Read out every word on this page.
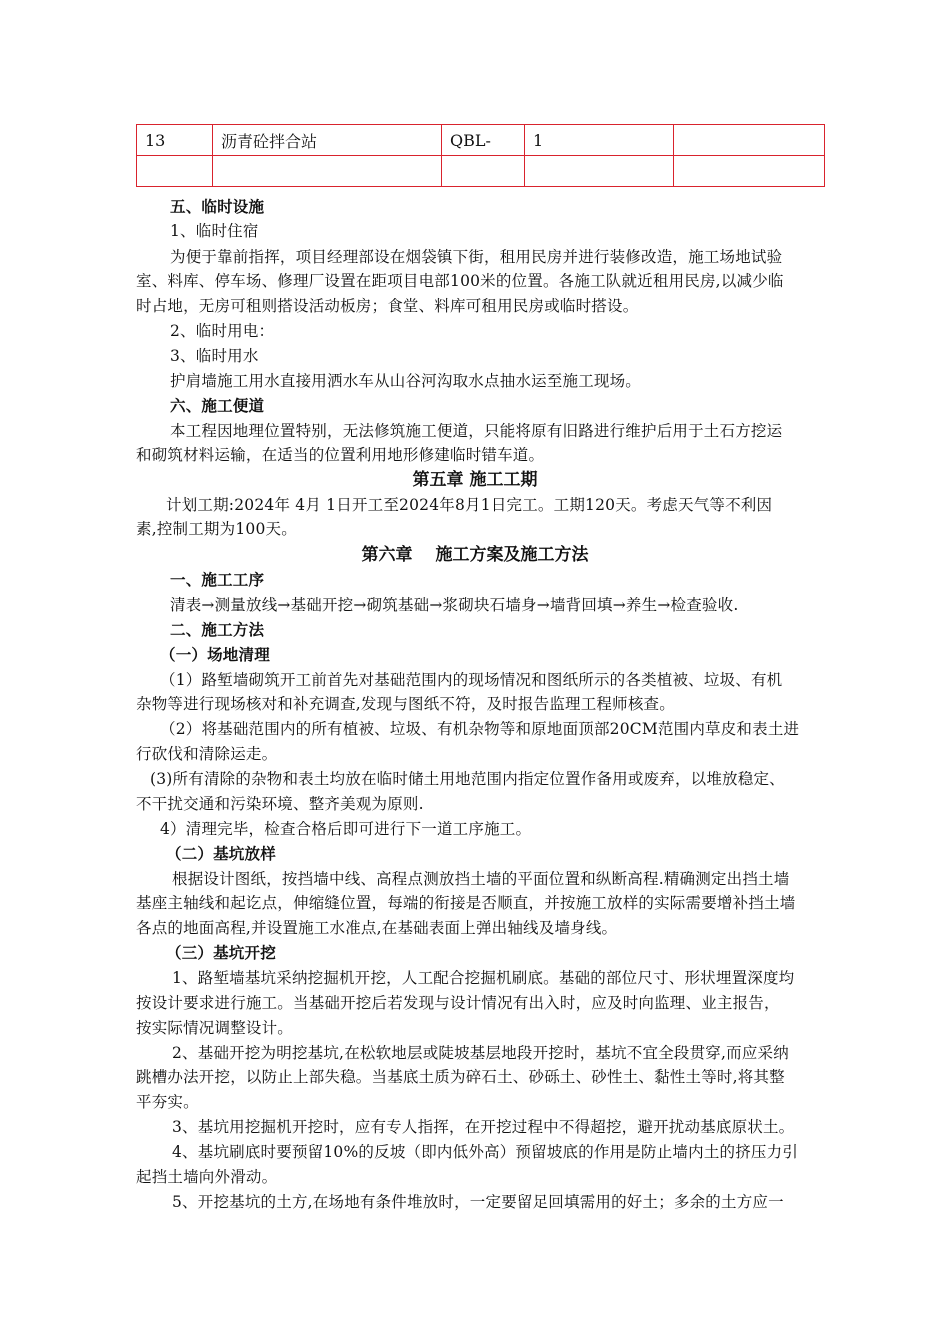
13	沥青砼拌合站	QBL-	1	

五、临时设施
1、临时住宿
为便于靠前指挥，项目经理部设在烟袋镇下街，租用民房并进行装修改造，施工场地试验
室、料库、停车场、修理厂设置在距项目电部100米的位置。各施工队就近租用民房,以减少临
时占地，无房可租则搭设活动板房；食堂、料库可租用民房或临时搭设。
2、临时用电：
3、临时用水
护肩墙施工用水直接用洒水车从山谷河沟取水点抽水运至施工现场。
六、施工便道
本工程因地理位置特别，无法修筑施工便道，只能将原有旧路进行维护后用于土石方挖运
和砌筑材料运输，在适当的位置利用地形修建临时错车道。
第五章 施工工期
计划工期:2024年 4月 1日开工至2024年8月1日完工。工期120天。考虑天气等不利因
素,控制工期为100天。
第六章　 施工方案及施工方法
一、施工工序
清表→测量放线→基础开挖→砌筑基础→浆砌块石墙身→墙背回填→养生→检查验收.
二、施工方法
（一）场地清理
（1）路堑墙砌筑开工前首先对基础范围内的现场情况和图纸所示的各类植被、垃圾、有机
杂物等进行现场核对和补充调查,发现与图纸不符，及时报告监理工程师核查。
（2）将基础范围内的所有植被、垃圾、有机杂物等和原地面顶部20CM范围内草皮和表土进
行砍伐和清除运走。
(3)所有清除的杂物和表土均放在临时储土用地范围内指定位置作备用或废弃，以堆放稳定、
不干扰交通和污染环境、整齐美观为原则.
4）清理完毕，检查合格后即可进行下一道工序施工。
（二）基坑放样
根据设计图纸，按挡墙中线、高程点测放挡土墙的平面位置和纵断高程.精确测定出挡土墙
基座主轴线和起讫点，伸缩缝位置，每端的衔接是否顺直，并按施工放样的实际需要增补挡土墙
各点的地面高程,并设置施工水准点,在基础表面上弹出轴线及墙身线。
（三）基坑开挖
1、路堑墙基坑采纳挖掘机开挖，人工配合挖掘机刷底。基础的部位尺寸、形状埋置深度均
按设计要求进行施工。当基础开挖后若发现与设计情况有出入时，应及时向监理、业主报告，
按实际情况调整设计。
2、基础开挖为明挖基坑,在松软地层或陡坡基层地段开挖时，基坑不宜全段贯穿,而应采纳
跳槽办法开挖，以防止上部失稳。当基底土质为碎石土、砂砾土、砂性土、黏性土等时,将其整
平夯实。
3、基坑用挖掘机开挖时，应有专人指挥，在开挖过程中不得超挖，避开扰动基底原状土。
4、基坑刷底时要预留10%的反坡（即内低外高）预留坡底的作用是防止墙内土的挤压力引
起挡土墙向外滑动。
5、开挖基坑的土方,在场地有条件堆放时，一定要留足回填需用的好土；多余的土方应一
